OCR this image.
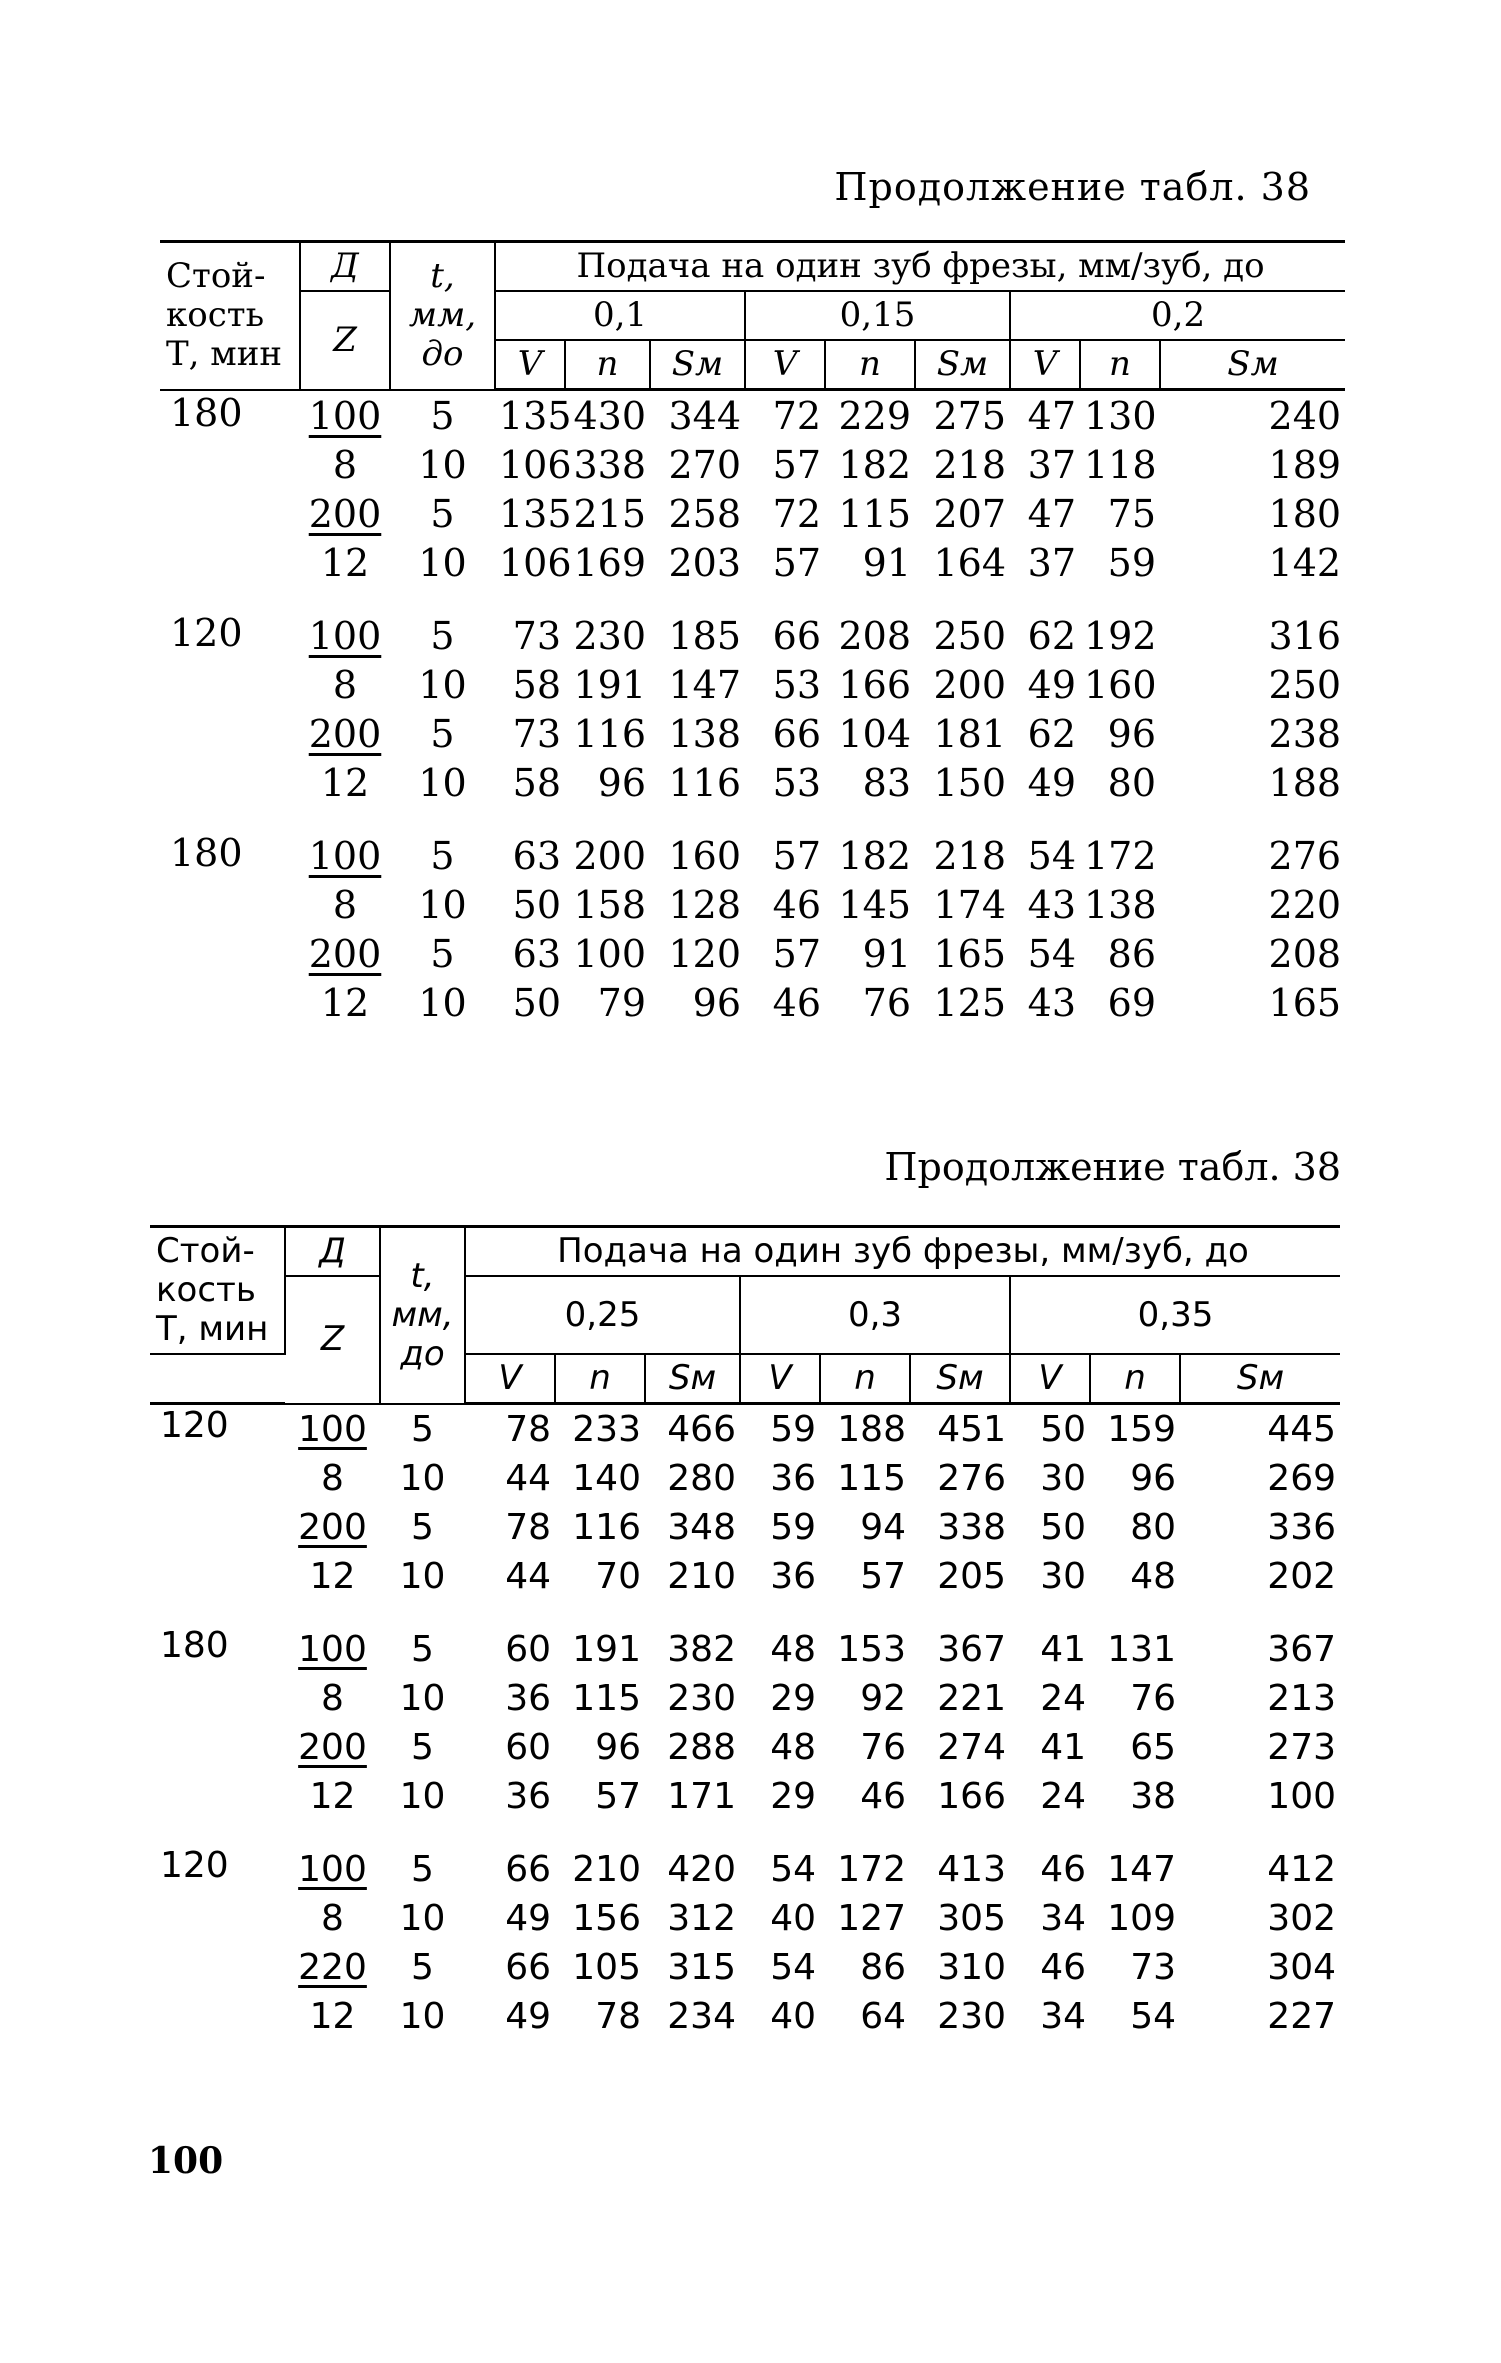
Продолжение табл. 38
Стой-кость Т, мин	Д	t, мм, до	Подача на один зуб фрезы, мм/зуб, до								
	Z		0,1			0,15			0,2		
			V	n	Sм	V	n	Sм	V	n	Sм
180	100	5	135	430	344	72	229	275	47	130	240
	8	10	106	338	270	57	182	218	37	118	189
	200	5	135	215	258	72	115	207	47	75	180
	12	10	106	169	203	57	91	164	37	59	142

120	100	5	73	230	185	66	208	250	62	192	316
	8	10	58	191	147	53	166	200	49	160	250
	200	5	73	116	138	66	104	181	62	96	238
	12	10	58	96	116	53	83	150	49	80	188

180	100	5	63	200	160	57	182	218	54	172	276
	8	10	50	158	128	46	145	174	43	138	220
	200	5	63	100	120	57	91	165	54	86	208
	12	10	50	79	96	46	76	125	43	69	165
Продолжение табл. 38
Стой-кость Т, мин	Д	t, мм, до	Подача на один зуб фрезы, мм/зуб, до								
	Z		0,25			0,3			0,35		
			V	n	Sм	V	n	Sм	V	n	Sм
120	100	5	78	233	466	59	188	451	50	159	445
	8	10	44	140	280	36	115	276	30	96	269
	200	5	78	116	348	59	94	338	50	80	336
	12	10	44	70	210	36	57	205	30	48	202

180	100	5	60	191	382	48	153	367	41	131	367
	8	10	36	115	230	29	92	221	24	76	213
	200	5	60	96	288	48	76	274	41	65	273
	12	10	36	57	171	29	46	166	24	38	100

120	100	5	66	210	420	54	172	413	46	147	412
	8	10	49	156	312	40	127	305	34	109	302
	220	5	66	105	315	54	86	310	46	73	304
	12	10	49	78	234	40	64	230	34	54	227
100
